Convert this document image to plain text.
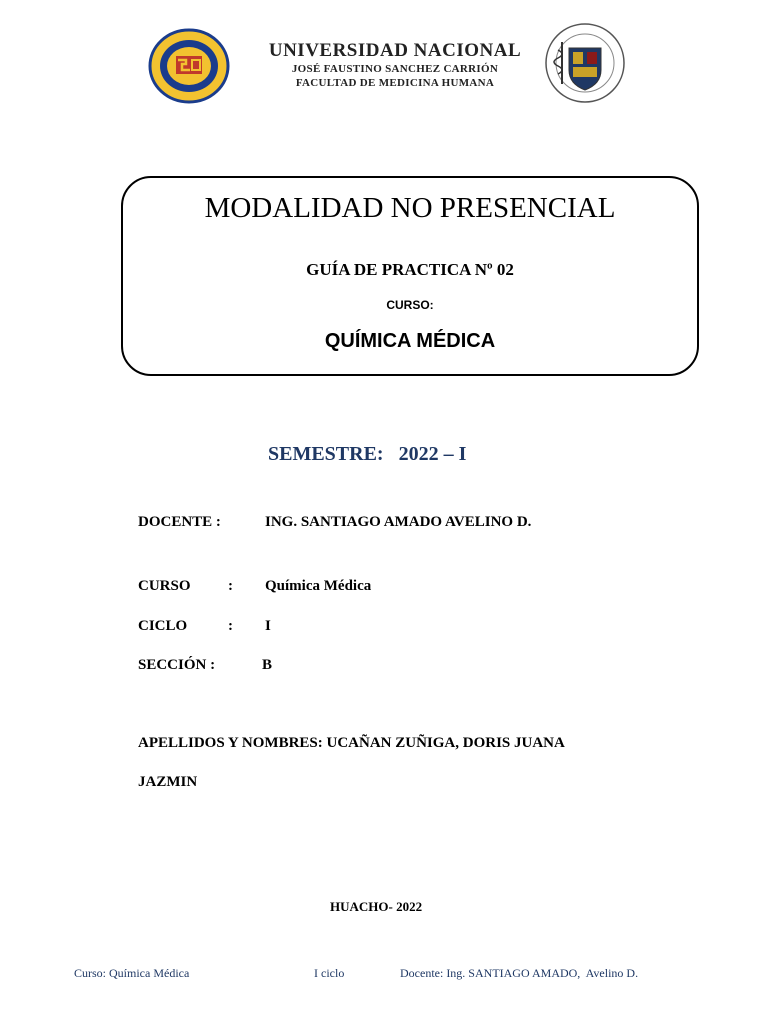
UNIVERSIDAD NACIONAL
JOSÉ FAUSTINO SANCHEZ CARRIÓN
FACULTAD DE MEDICINA HUMANA
MODALIDAD NO PRESENCIAL
GUÍA DE PRACTICA Nº 02
CURSO:
QUÍMICA MÉDICA
SEMESTRE:   2022 – I
DOCENTE :	ING. SANTIAGO AMADO AVELINO D.
CURSO : Química Médica
CICLO	: I
SECCIÓN :	B
APELLIDOS Y NOMBRES: UCAÑAN ZUÑIGA, DORIS JUANA
JAZMIN
HUACHO- 2022
Curso: Química Médica	I ciclo	Docente: Ing. SANTIAGO AMADO,  Avelino D.
